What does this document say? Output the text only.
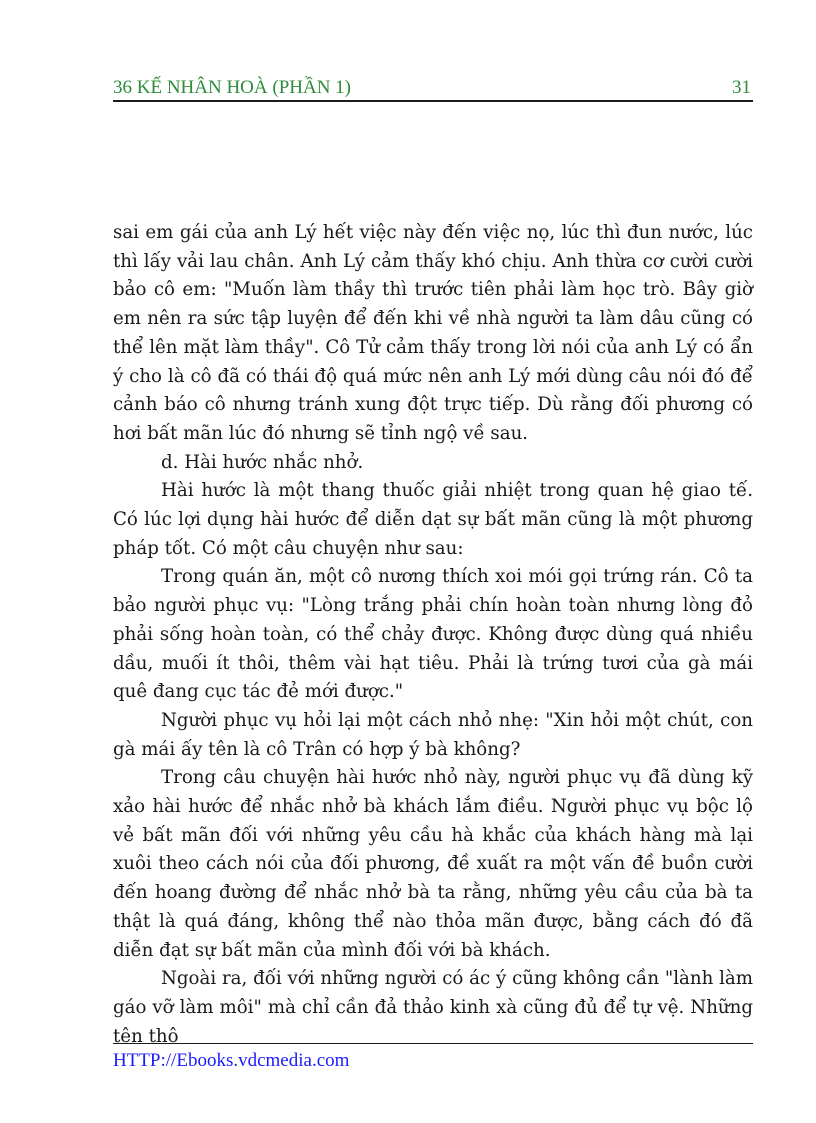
36 KẾ NHÂN HOÀ (PHẦN 1)	31

sai em gái của anh Lý hết việc này đến việc nọ, lúc thì đun nước, lúc thì lấy vải lau chân. Anh Lý cảm thấy khó chịu. Anh thừa cơ cười cười bảo cô em: "Muốn làm thầy thì trước tiên phải làm học trò. Bây giờ em nên ra sức tập luyện để đến khi về nhà người ta làm dâu cũng có thể lên mặt làm thầy". Cô Tử cảm thấy trong lời nói của anh Lý có ẩn ý cho là cô đã có thái độ quá mức nên anh Lý mới dùng câu nói đó để cảnh báo cô nhưng tránh xung đột trực tiếp. Dù rằng đối phương có hơi bất mãn lúc đó nhưng sẽ tỉnh ngộ về sau.

d. Hài hước nhắc nhở.

Hài hước là một thang thuốc giải nhiệt trong quan hệ giao tế. Có lúc lợi dụng hài hước để diễn dạt sự bất mãn cũng là một phương pháp tốt. Có một câu chuyện như sau:

Trong quán ăn, một cô nương thích xoi mói gọi trứng rán. Cô ta bảo người phục vụ: "Lòng trắng phải chín hoàn toàn nhưng lòng đỏ phải sống hoàn toàn, có thể chảy được. Không được dùng quá nhiều dầu, muối ít thôi, thêm vài hạt tiêu. Phải là trứng tươi của gà mái quê đang cục tác đẻ mới được."

Người phục vụ hỏi lại một cách nhỏ nhẹ: "Xin hỏi một chút, con gà mái ấy tên là cô Trân có hợp ý bà không?

Trong câu chuyện hài hước nhỏ này, người phục vụ đã dùng kỹ xảo hài hước để nhắc nhở bà khách lắm điều. Người phục vụ bộc lộ vẻ bất mãn đối với những yêu cầu hà khắc của khách hàng mà lại xuôi theo cách nói của đối phương, đề xuất ra một vấn đề buồn cười đến hoang đường để nhắc nhở bà ta rằng, những yêu cầu của bà ta thật là quá đáng, không thể nào thỏa mãn được, bằng cách đó đã diễn đạt sự bất mãn của mình đối với bà khách.

Ngoài ra, đối với những người có ác ý cũng không cần "lành làm gáo vỡ làm môi" mà chỉ cần đả thảo kinh xà cũng đủ để tự vệ. Những tên thô

HTTP://Ebooks.vdcmedia.com
